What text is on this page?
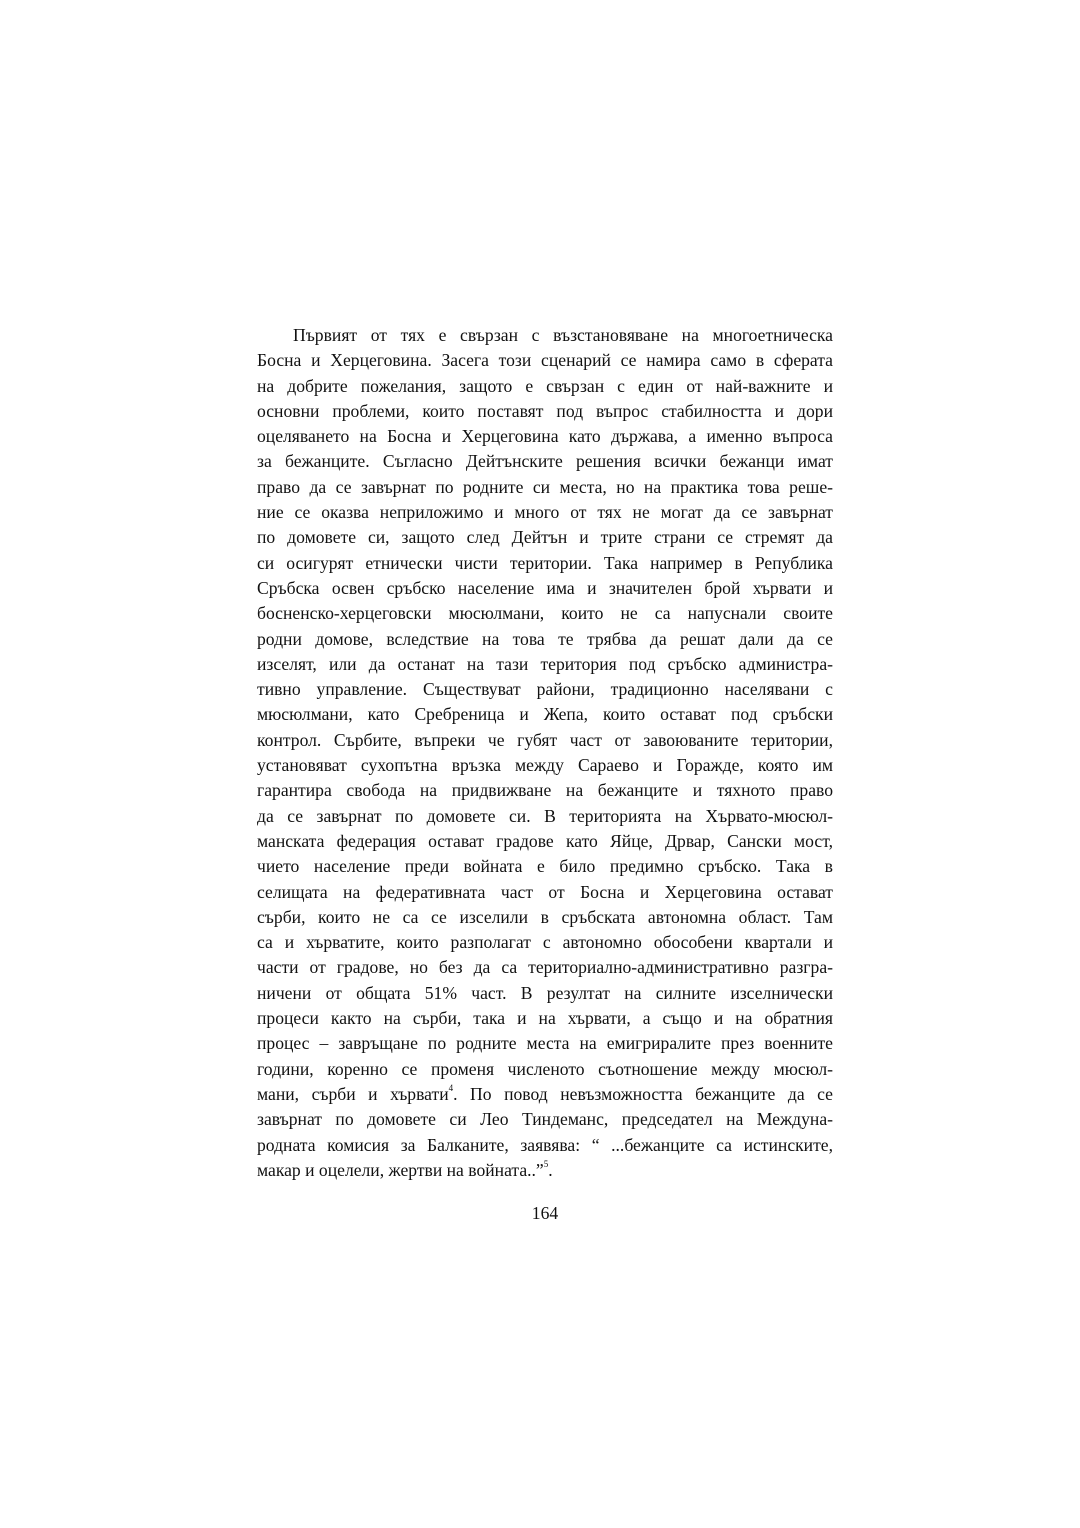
Първият от тях е свързан с възстановяване на многоетническа
Босна и Херцеговина. Засега този сценарий се намира само в сферата
на добрите пожелания, защото е свързан с един от най-важните и
основни проблеми, които поставят под въпрос стабилността и дори
оцеляването на Босна и Херцеговина като държава, а именно въпроса
за бежанците. Съгласно Дейтънските решения всички бежанци имат
право да се завърнат по родните си места, но на практика това реше-
ние се оказва неприложимо и много от тях не могат да се завърнат
по домовете си, защото след Дейтън и трите страни се стремят да
си осигурят етнически чисти територии. Така например в Република
Сръбска освен сръбско население има и значителен брой хървати и
босненско-херцеговски мюсюлмани, които не са напуснали своите
родни домове, вследствие на това те трябва да решат дали да се
изселят, или да останат на тази територия под сръбско администра-
тивно управление. Съществуват райони, традиционно населявани с
мюсюлмани, като Сребреница и Жепа, които остават под сръбски
контрол. Сърбите, въпреки че губят част от завоюваните територии,
установяват сухопътна връзка между Сараево и Горажде, която им
гарантира свобода на придвижване на бежанците и тяхното право
да се завърнат по домовете си. В територията на Хървато-мюсюл-
манската федерация остават градове като Яйце, Дрвар, Сански мост,
чието население преди войната е било предимно сръбско. Така в
селищата на федеративната част от Босна и Херцеговина остават
сърби, които не са се изселили в сръбската автономна област. Там
са и хърватите, които разполагат с автономно обособени квартали и
части от градове, но без да са териториално-административно разгра-
ничени от общата 51% част. В резултат на силните изселнически
процеси както на сърби, така и на хървати, а също и на обратния
процес – завръщане по родните места на емигриралите през военните
години, коренно се променя численото съотношение между мюсюл-
мани, сърби и хървати$^4$. По повод невъзможността бежанците да се
завърнат по домовете си Лео Тиндеманс, председател на Междуна-
родната комисия за Балканите, заявява: “ ...бежанците са истинските,
макар и оцелели, жертви на войната..”$^5$.
164
